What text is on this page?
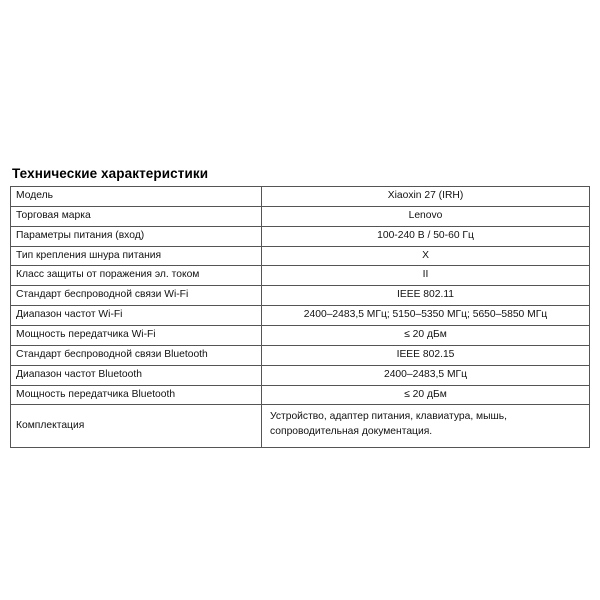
Технические характеристики
Модель	Xiaoxin 27 (IRH)
Торговая марка	Lenovo
Параметры питания (вход)	100-240 В / 50-60 Гц
Тип крепления шнура питания	X
Класс защиты от поражения эл. током	II
Стандарт беспроводной связи Wi-Fi	IEEE 802.11
Диапазон частот Wi-Fi	2400–2483,5 МГц; 5150–5350 МГц; 5650–5850 МГц
Мощность передатчика Wi-Fi	≤ 20 дБм
Стандарт беспроводной связи Bluetooth	IEEE 802.15
Диапазон частот Bluetooth	2400–2483,5 МГц
Мощность передатчика Bluetooth	≤ 20 дБм
Комплектация	Устройство, адаптер питания, клавиатура, мышь, сопроводительная документация.
